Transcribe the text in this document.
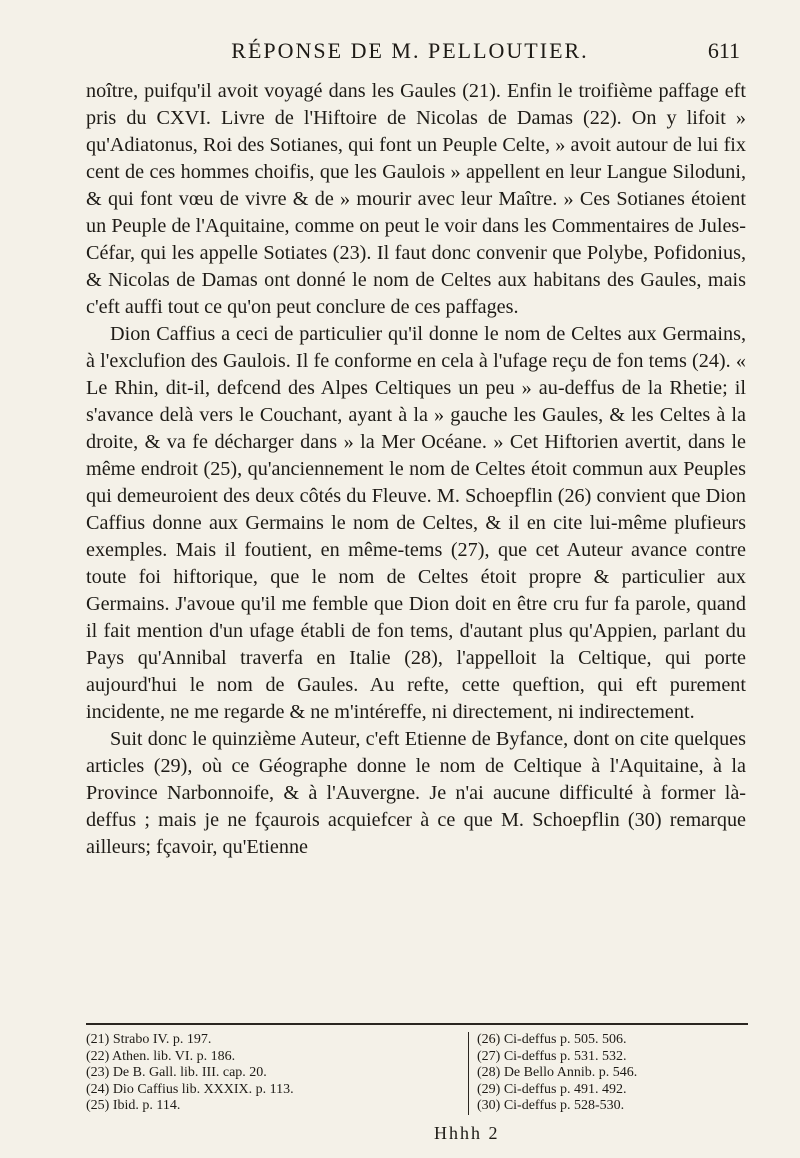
RÉPONSE DE M. PELLOUTIER.	611

noître, puifqu'il avoit voyagé dans les Gaules (21). Enfin le troifième paffage eft pris du CXVI. Livre de l'Hiftoire de Nicolas de Damas (22). On y lifoit » qu'Adiatonus, Roi des Sotianes, qui font un Peuple Celte, » avoit autour de lui fix cent de ces hommes choifis, que les Gaulois » appellent en leur Langue Siloduni, & qui font vœu de vivre & de » mourir avec leur Maître. » Ces Sotianes étoient un Peuple de l'Aquitaine, comme on peut le voir dans les Commentaires de Jules-Céfar, qui les appelle Sotiates (23). Il faut donc convenir que Polybe, Pofidonius, & Nicolas de Damas ont donné le nom de Celtes aux habitans des Gaules, mais c'eft auffi tout ce qu'on peut conclure de ces paffages.

Dion Caffius a ceci de particulier qu'il donne le nom de Celtes aux Germains, à l'exclufion des Gaulois. Il fe conforme en cela à l'ufage reçu de fon tems (24). « Le Rhin, dit-il, defcend des Alpes Celtiques un peu » au-deffus de la Rhetie; il s'avance delà vers le Couchant, ayant à la » gauche les Gaules, & les Celtes à la droite, & va fe décharger dans » la Mer Océane. » Cet Hiftorien avertit, dans le même endroit (25), qu'anciennement le nom de Celtes étoit commun aux Peuples qui demeuroient des deux côtés du Fleuve. M. Schoepflin (26) convient que Dion Caffius donne aux Germains le nom de Celtes, & il en cite lui-même plufieurs exemples. Mais il foutient, en même-tems (27), que cet Auteur avance contre toute foi hiftorique, que le nom de Celtes étoit propre & particulier aux Germains. J'avoue qu'il me femble que Dion doit en être cru fur fa parole, quand il fait mention d'un ufage établi de fon tems, d'autant plus qu'Appien, parlant du Pays qu'Annibal traverfa en Italie (28), l'appelloit la Celtique, qui porte aujourd'hui le nom de Gaules. Au refte, cette queftion, qui eft purement incidente, ne me regarde & ne m'intéreffe, ni directement, ni indirectement.

Suit donc le quinzième Auteur, c'eft Etienne de Byfance, dont on cite quelques articles (29), où ce Géographe donne le nom de Celtique à l'Aquitaine, à la Province Narbonnoife, & à l'Auvergne. Je n'ai aucune difficulté à former là-deffus ; mais je ne fçaurois acquiefcer à ce que M. Schoepflin (30) remarque ailleurs; fçavoir, qu'Etienne

(21) Strabo IV. p. 197.
(22) Athen. lib. VI. p. 186.
(23) De B. Gall. lib. III. cap. 20.
(24) Dio Caffius lib. XXXIX. p. 113.
(25) Ibid. p. 114.
(26) Ci-deffus p. 505. 506.
(27) Ci-deffus p. 531. 532.
(28) De Bello Annib. p. 546.
(29) Ci-deffus p. 491. 492.
(30) Ci-deffus p. 528-530.
Hhhh 2
